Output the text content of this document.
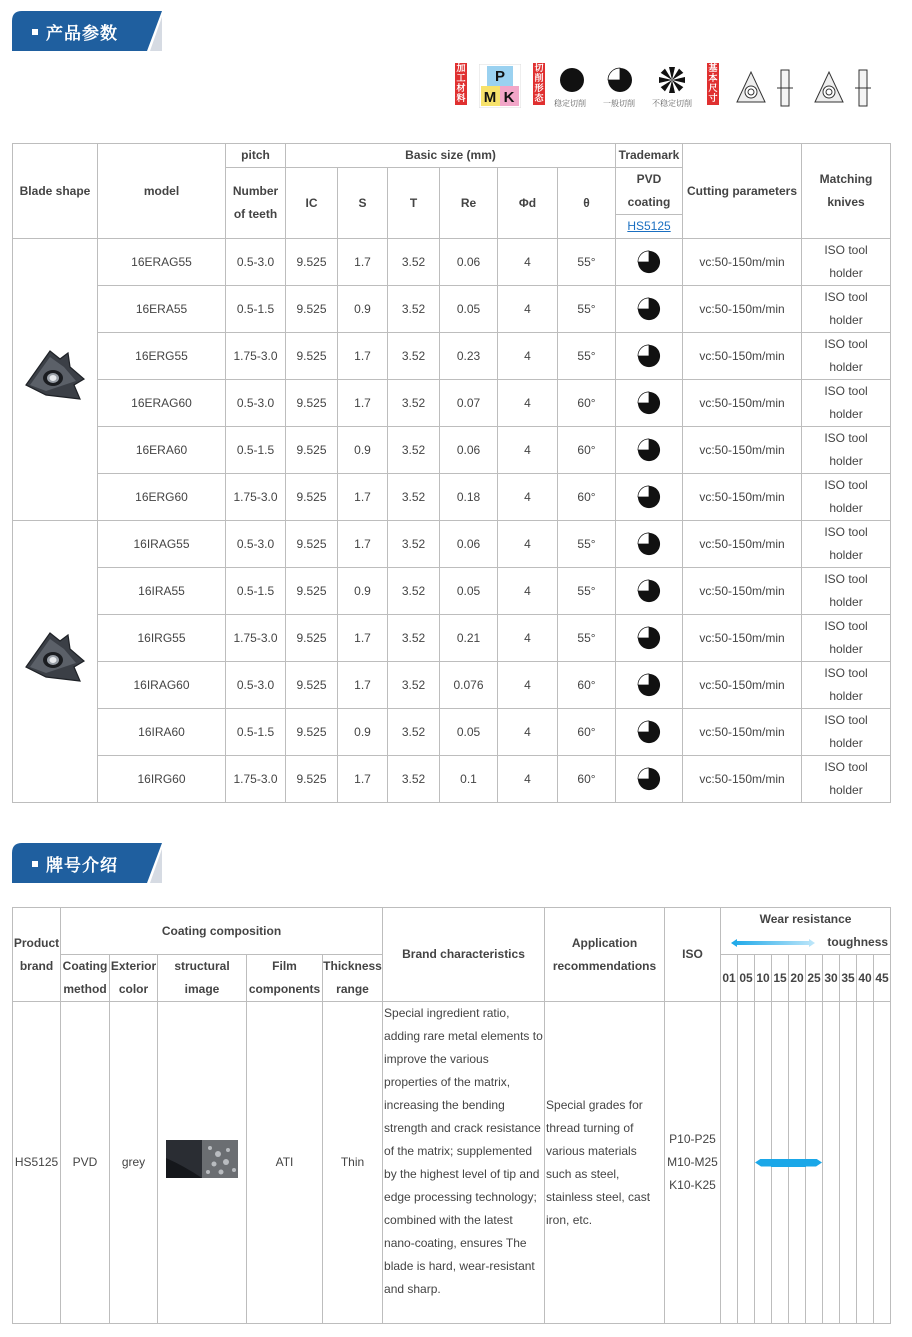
产品参数
加工材料
P
M K
切削形态 稳定切削 一般切削 不稳定切削
基本尺寸
Blade shape	model	pitch	Basic size (mm)						Trademark	Cutting parameters	Matching knives
		Number of teeth	IC	S	T	Re	Φd	θ	PVD coating		
									HS5125		
	16ERAG55	0.5-3.0	9.525	1.7	3.52	0.06	4	55°		vc:50-150m/min	ISO tool holder
	16ERA55	0.5-1.5	9.525	0.9	3.52	0.05	4	55°		vc:50-150m/min	ISO tool holder
	16ERG55	1.75-3.0	9.525	1.7	3.52	0.23	4	55°		vc:50-150m/min	ISO tool holder
	16ERAG60	0.5-3.0	9.525	1.7	3.52	0.07	4	60°		vc:50-150m/min	ISO tool holder
	16ERA60	0.5-1.5	9.525	0.9	3.52	0.06	4	60°		vc:50-150m/min	ISO tool holder
	16ERG60	1.75-3.0	9.525	1.7	3.52	0.18	4	60°		vc:50-150m/min	ISO tool holder
	16IRAG55	0.5-3.0	9.525	1.7	3.52	0.06	4	55°		vc:50-150m/min	ISO tool holder
	16IRA55	0.5-1.5	9.525	0.9	3.52	0.05	4	55°		vc:50-150m/min	ISO tool holder
	16IRG55	1.75-3.0	9.525	1.7	3.52	0.21	4	55°		vc:50-150m/min	ISO tool holder
	16IRAG60	0.5-3.0	9.525	1.7	3.52	0.076	4	60°		vc:50-150m/min	ISO tool holder
	16IRA60	0.5-1.5	9.525	0.9	3.52	0.05	4	60°		vc:50-150m/min	ISO tool holder
	16IRG60	1.75-3.0	9.525	1.7	3.52	0.1	4	60°		vc:50-150m/min	ISO tool holder
牌号介绍
Product brand	Coating composition					Brand characteristics	Application recommendations	ISO	Wear resistance
toughness									

	Coating method	Exterior color	structural image	Film components	Thickness range				01	05	10	15	20	25	30	35	40	45
HS5125	PVD	grey		ATI	Thin	Special ingredient ratio, adding rare metal elements to improve the various properties of the matrix, increasing the bending strength and crack resistance of the matrix; supplemented by the highest level of tip and edge processing technology; combined with the latest nano-coating, ensures The blade is hard, wear-resistant and sharp.	Special grades for thread turning of various materials such as steel, stainless steel, cast iron, etc.	P10-P25 M10-M25 K10-K25			
